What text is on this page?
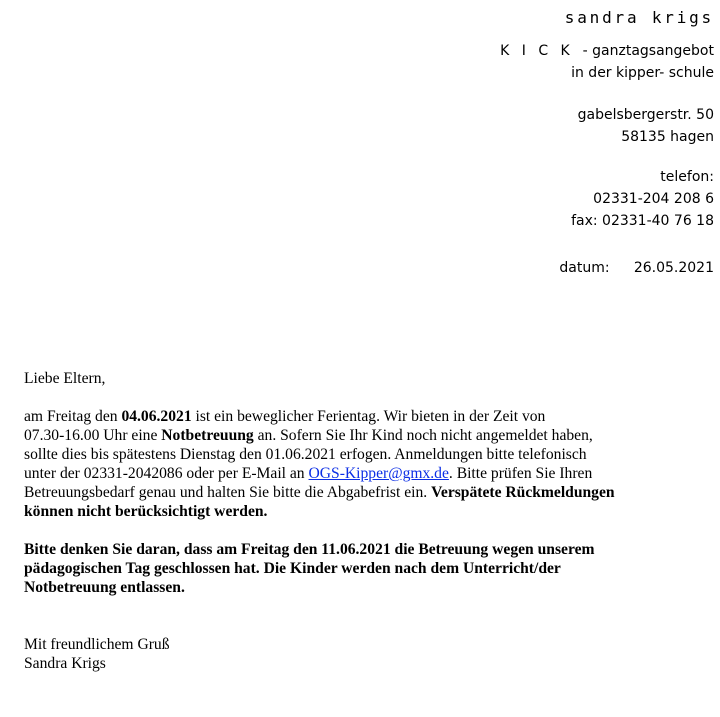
sandra krigs
K I C K - ganztagsangebot
in der kipper- schule
gabelsbergerstr. 50
58135 hagen
telefon:
02331-204 208 6
fax: 02331-40 76 18
datum: 26.05.2021

Liebe Eltern,

am Freitag den 04.06.2021 ist ein beweglicher Ferientag. Wir bieten in der Zeit von
07.30-16.00 Uhr eine Notbetreuung an. Sofern Sie Ihr Kind noch nicht angemeldet haben,
sollte dies bis spätestens Dienstag den 01.06.2021 erfogen. Anmeldungen bitte telefonisch
unter der 02331-2042086 oder per E-Mail an OGS-Kipper@gmx.de. Bitte prüfen Sie Ihren
Betreuungsbedarf genau und halten Sie bitte die Abgabefrist ein. Verspätete Rückmeldungen
können nicht berücksichtigt werden.

Bitte denken Sie daran, dass am Freitag den 11.06.2021 die Betreuung wegen unserem
pädagogischen Tag geschlossen hat. Die Kinder werden nach dem Unterricht/der
Notbetreuung entlassen.

Mit freundlichem Gruß
Sandra Krigs
